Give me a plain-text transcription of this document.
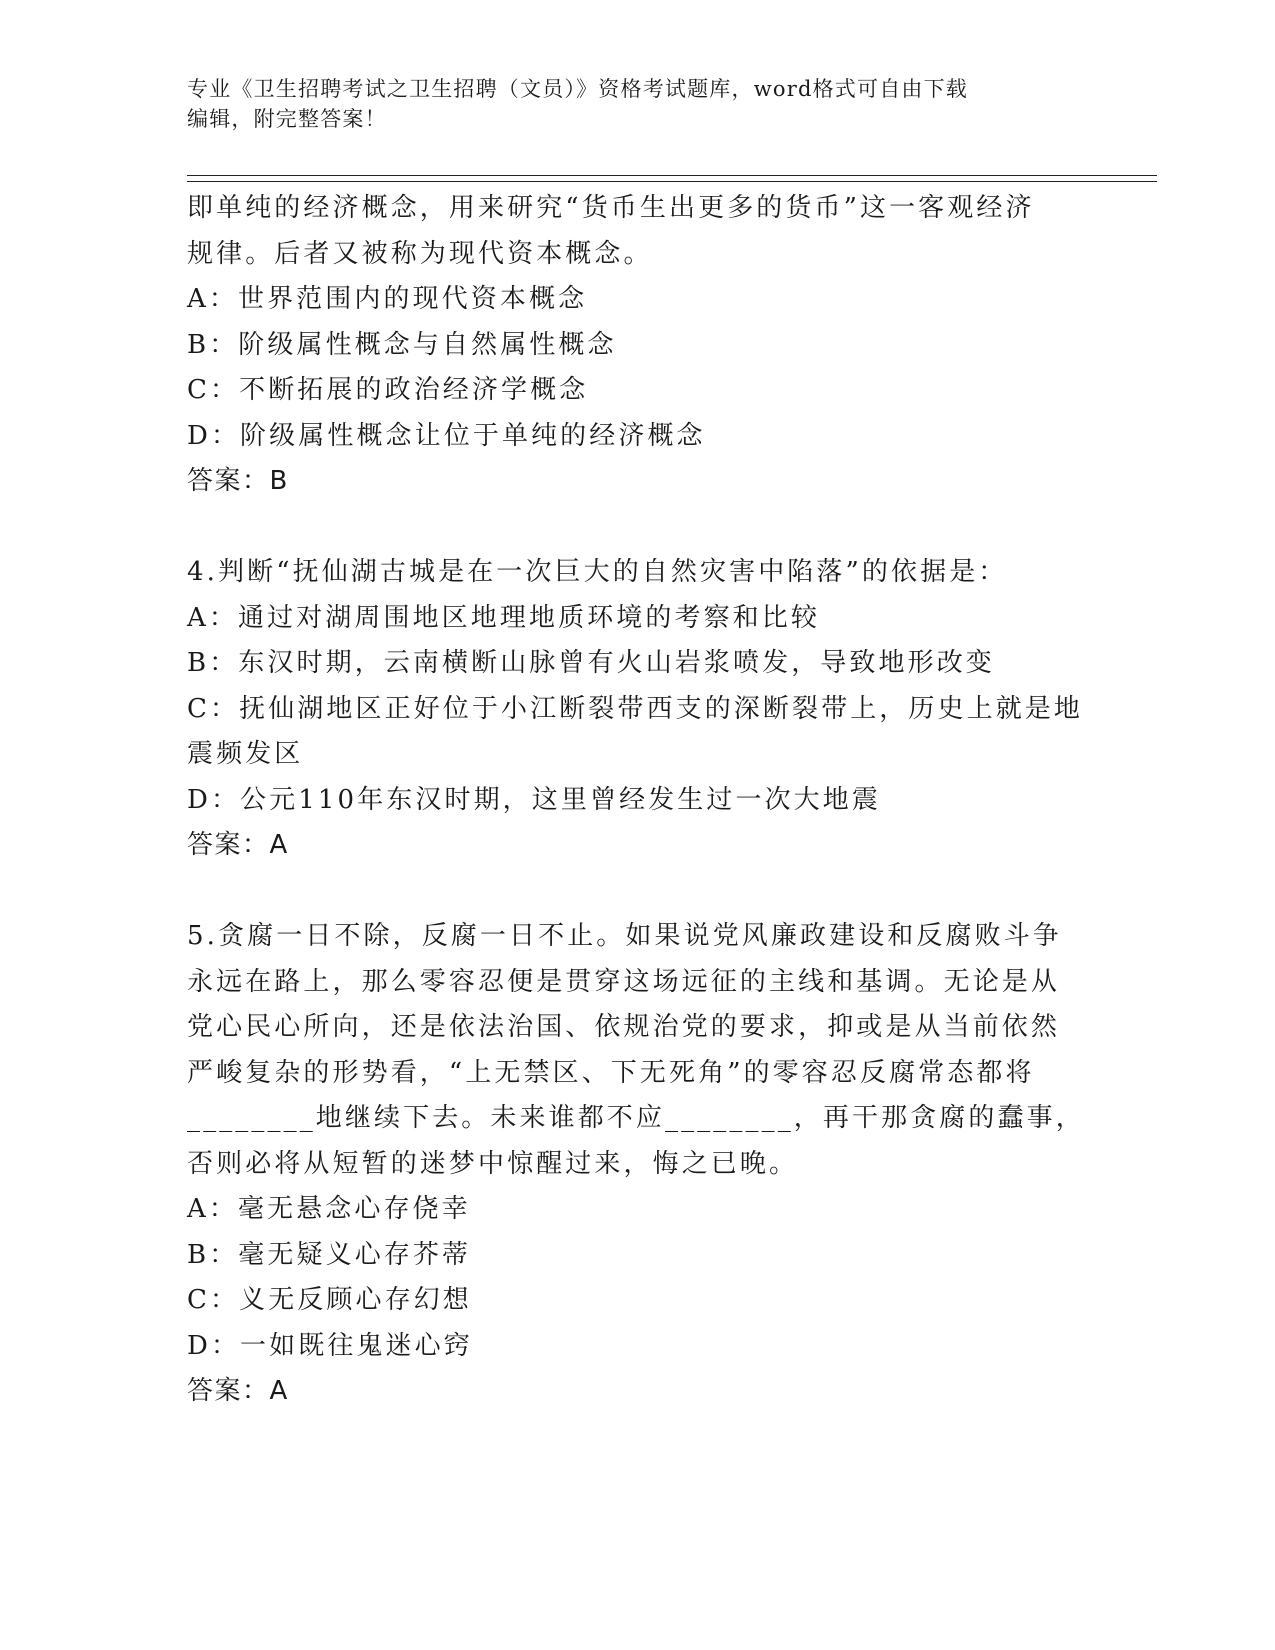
专业《卫生招聘考试之卫生招聘（文员）》资格考试题库，word格式可自由下载
编辑，附完整答案！

即单纯的经济概念，用来研究“货币生出更多的货币”这一客观经济

规律。后者又被称为现代资本概念。

A：世界范围内的现代资本概念

B：阶级属性概念与自然属性概念

C：不断拓展的政治经济学概念

D：阶级属性概念让位于单纯的经济概念

答案：B

4.判断“抚仙湖古城是在一次巨大的自然灾害中陷落”的依据是：

A：通过对湖周围地区地理地质环境的考察和比较

B：东汉时期，云南横断山脉曾有火山岩浆喷发，导致地形改变

C：抚仙湖地区正好位于小江断裂带西支的深断裂带上，历史上就是地

震频发区

D：公元110年东汉时期，这里曾经发生过一次大地震

答案：A

5.贪腐一日不除，反腐一日不止。如果说党风廉政建设和反腐败斗争

永远在路上，那么零容忍便是贯穿这场远征的主线和基调。无论是从

党心民心所向，还是依法治国、依规治党的要求，抑或是从当前依然

严峻复杂的形势看，“上无禁区、下无死角”的零容忍反腐常态都将

________地继续下去。未来谁都不应________，再干那贪腐的蠢事，

否则必将从短暂的迷梦中惊醒过来，悔之已晚。

A：毫无悬念心存侥幸

B：毫无疑义心存芥蒂

C：义无反顾心存幻想

D：一如既往鬼迷心窍

答案：A
